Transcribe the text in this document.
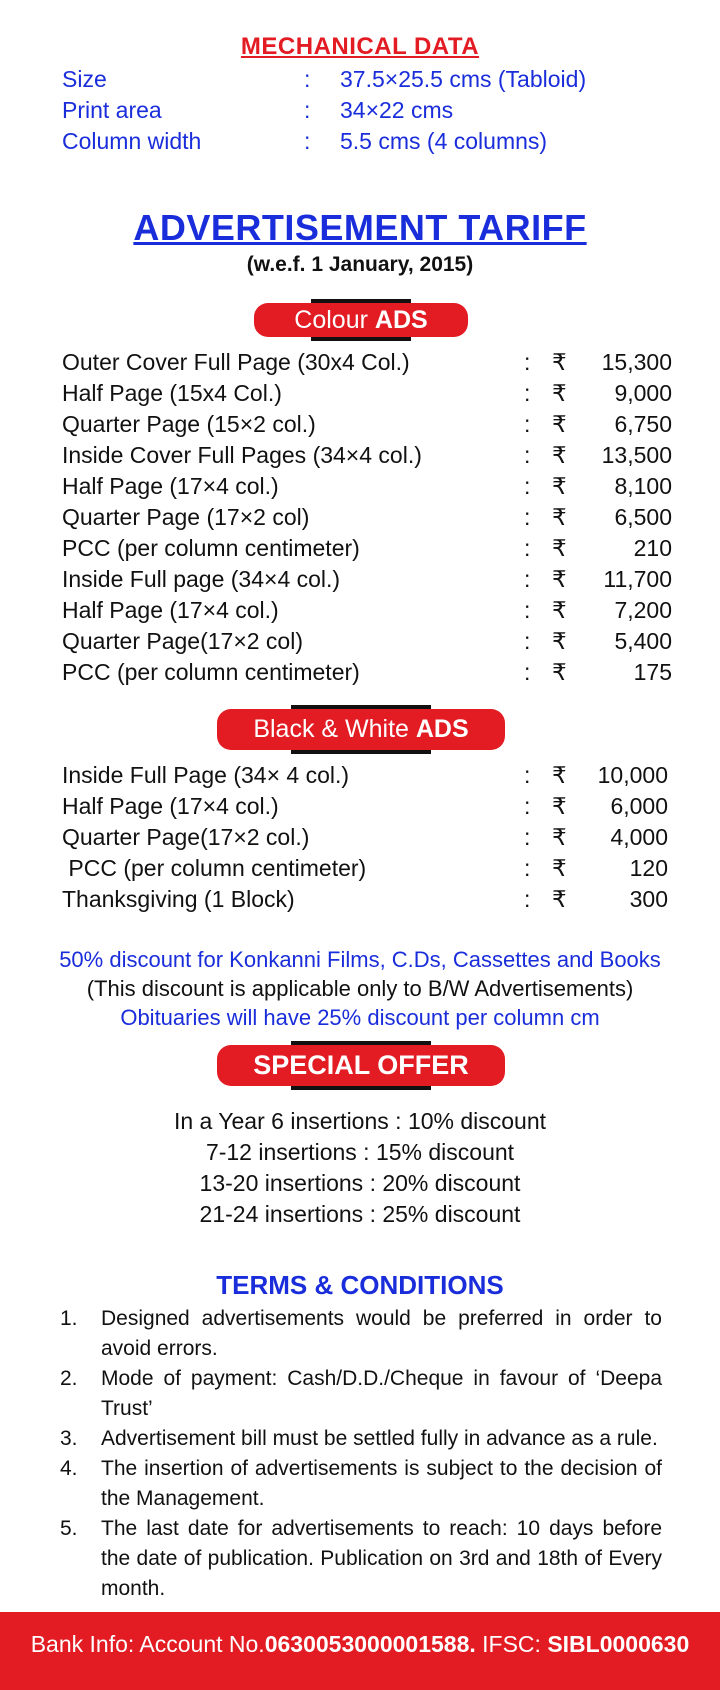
MECHANICAL DATA
Size	: 37.5×25.5 cms (Tabloid)
Print area	: 34×22 cms
Column width	: 5.5 cms (4 columns)
ADVERTISEMENT TARIFF
(w.e.f. 1 January, 2015)
Colour ADS
Outer Cover Full Page (30x4 Col.)	: ₹ 15,300
Half Page (15x4 Col.)	: ₹ 9,000
Quarter Page (15×2 col.)	: ₹ 6,750
Inside Cover Full Pages (34×4 col.)	: ₹ 13,500
Half Page (17×4 col.)	: ₹ 8,100
Quarter Page (17×2 col)	: ₹ 6,500
PCC (per column centimeter)	: ₹	210
Inside Full page (34×4 col.)	: ₹ 11,700
Half Page (17×4 col.)	: ₹ 7,200
Quarter Page(17×2 col)	: ₹ 5,400
PCC (per column centimeter)	: ₹	175
Black & White ADS
Inside Full Page (34× 4 col.)	: ₹ 10,000
Half Page (17×4 col.)	: ₹ 6,000
Quarter Page(17×2 col.)	: ₹ 4,000
PCC (per column centimeter)	: ₹	120
Thanksgiving (1 Block)	: ₹	300
50% discount for Konkanni Films, C.Ds, Cassettes and Books
(This discount is applicable only to B/W Advertisements)
Obituaries will have 25% discount per column cm
SPECIAL OFFER
In a Year 6 insertions : 10% discount
7-12 insertions : 15% discount
13-20 insertions : 20% discount
21-24 insertions : 25% discount
TERMS & CONDITIONS
1. Designed advertisements would be preferred in order to avoid errors.
2. Mode of payment: Cash/D.D./Cheque in favour of ‘Deepa Trust’
3. Advertisement bill must be settled fully in advance as a rule.
4. The insertion of advertisements is subject to the decision of the Management.
5. The last date for advertisements to reach: 10 days before the date of publication. Publication on 3rd and 18th of Every month.
Bank Info: Account No.0630053000001588. IFSC: SIBL0000630
